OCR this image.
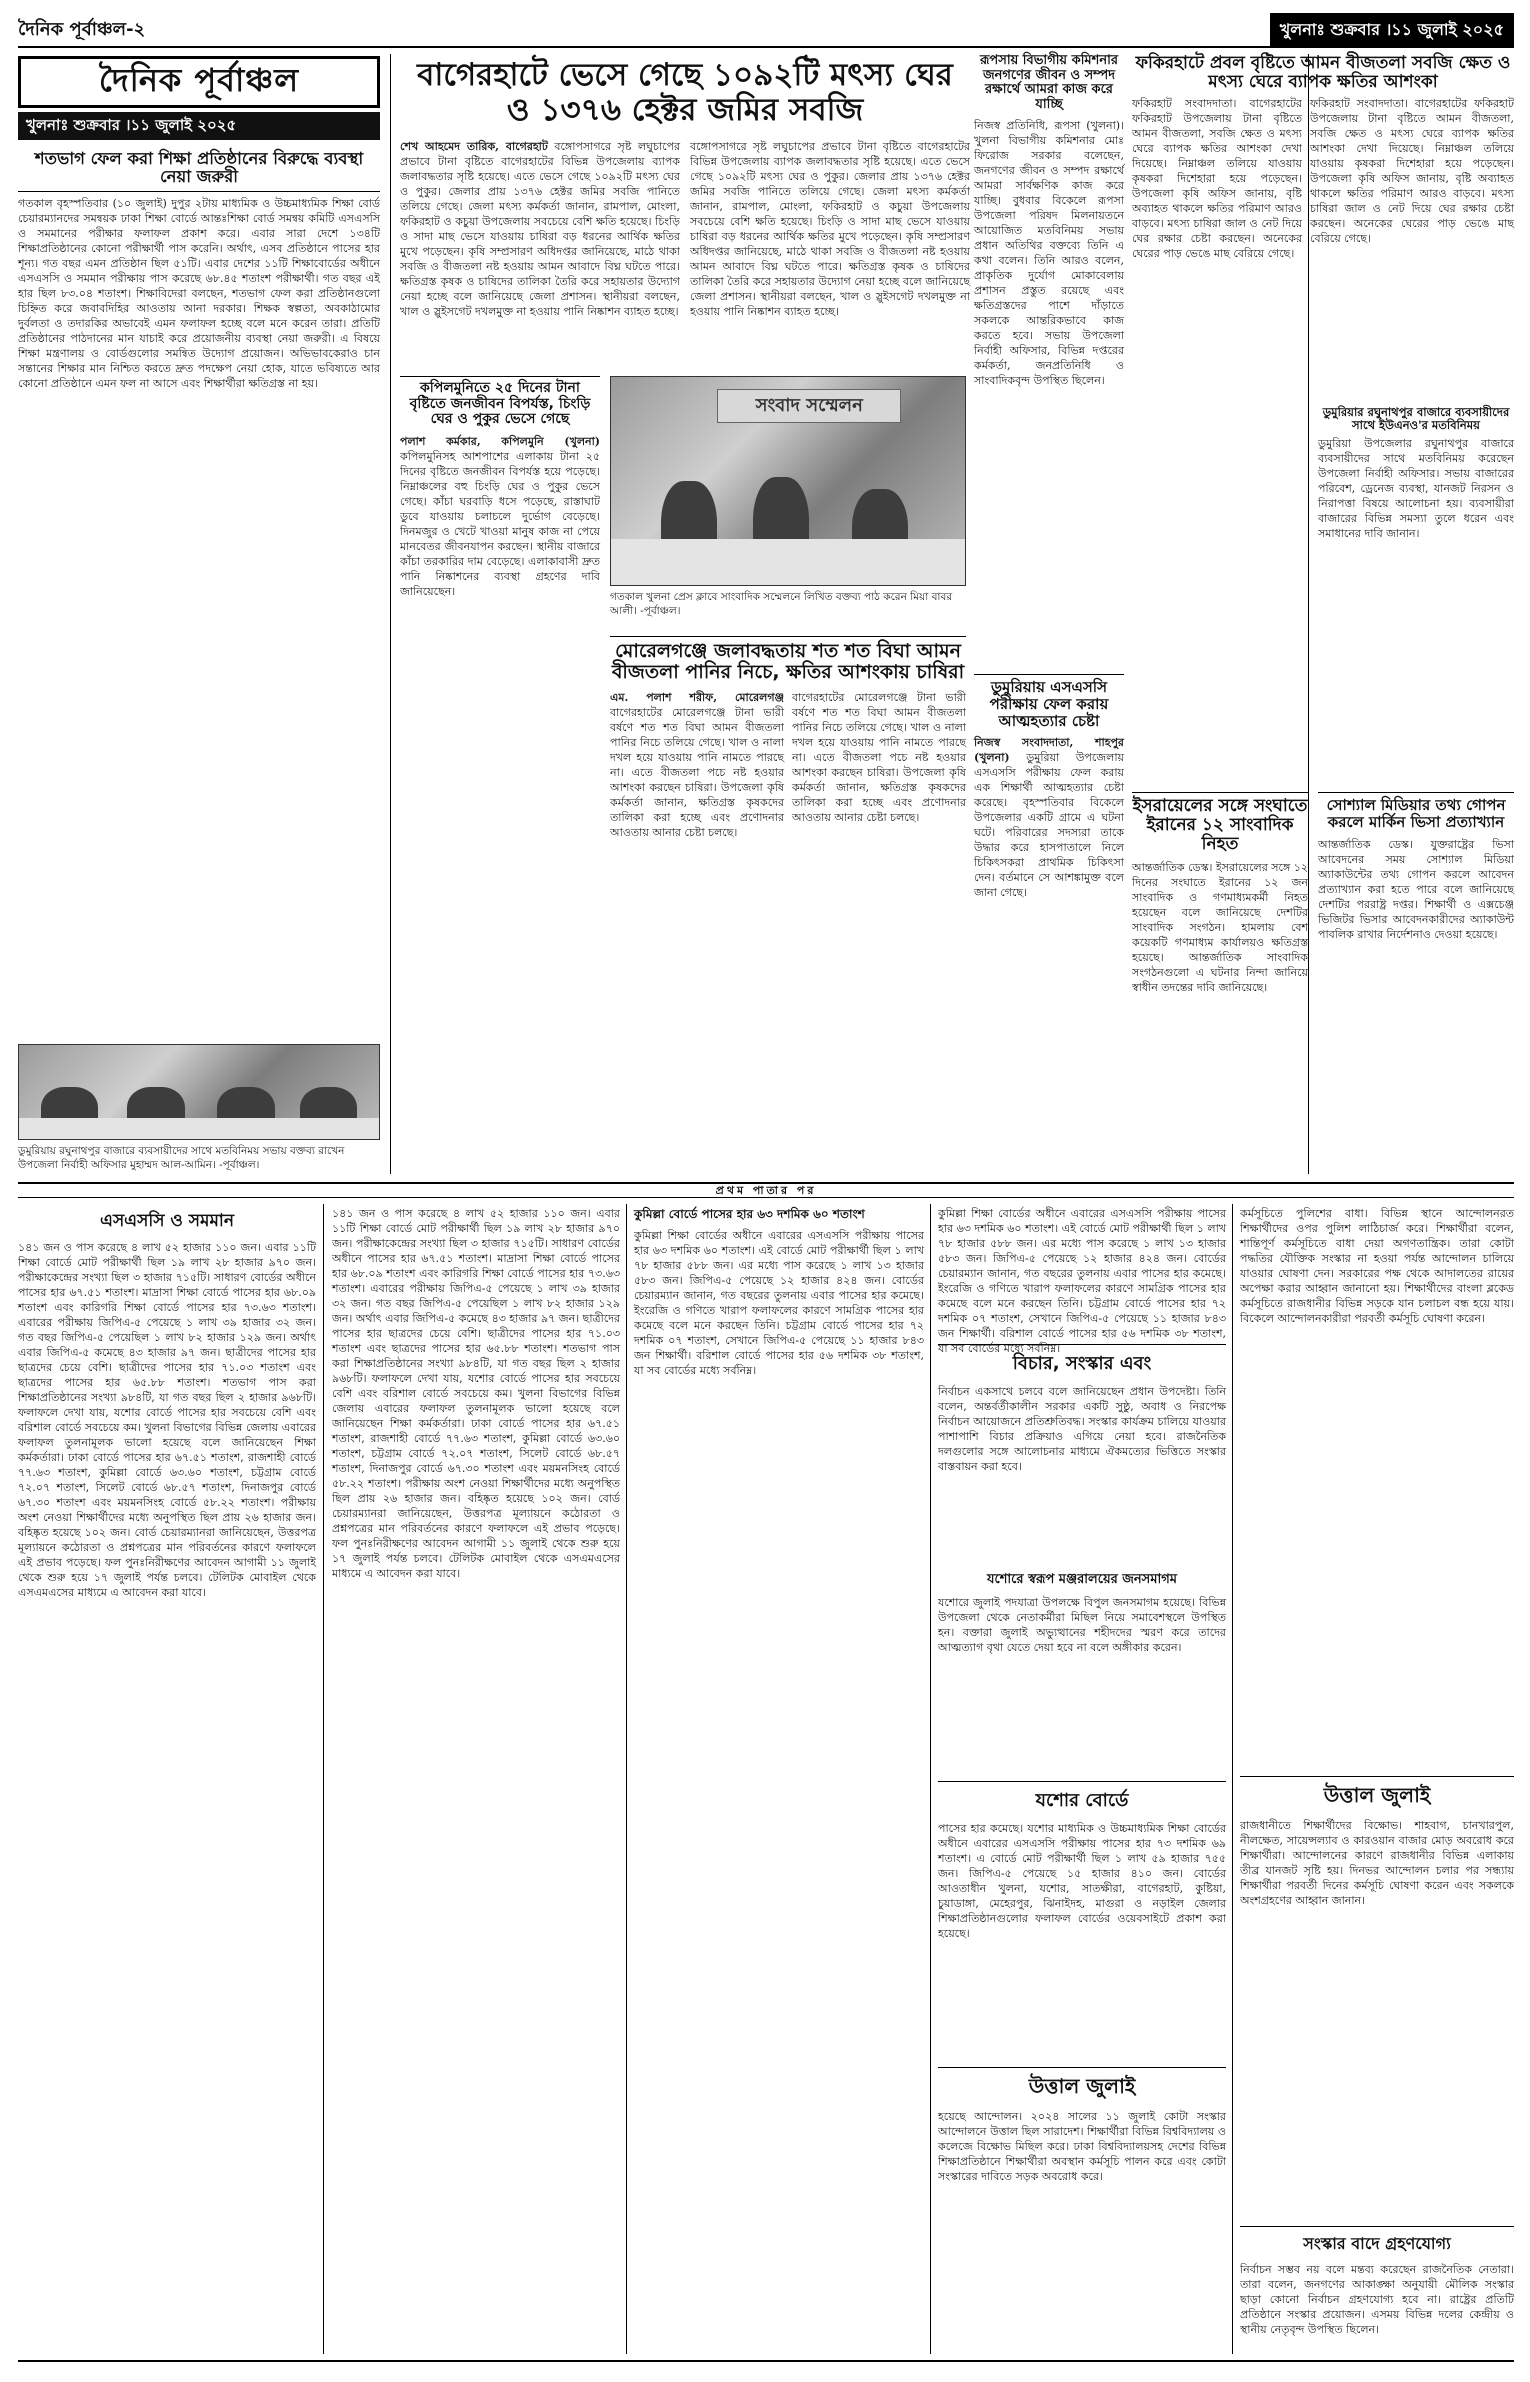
দৈনিক পূর্বাঞ্চল-২	খুলনাঃ শুক্রবার ।১১ জুলাই ২০২৫
দৈনিক পূর্বাঞ্চল
খুলনাঃ শুক্রবার ।১১ জুলাই ২০২৫
শতভাগ ফেল করা শিক্ষা প্রতিষ্ঠানের বিরুদ্ধে ব্যবস্থা নেয়া জরুরী
গতকাল বৃহস্পতিবার (১০ জুলাই) দুপুর ২টায় মাধ্যমিক ও উচ্চমাধ্যমিক শিক্ষা বোর্ড চেয়ারম্যানদের সমন্বয়ক ঢাকা শিক্ষা বোর্ডে আন্তঃশিক্ষা বোর্ড সমন্বয় কমিটি এসএসসি ও সমমানের পরীক্ষার ফলাফল প্রকাশ করে। এবার সারা দেশে ১৩৪টি শিক্ষাপ্রতিষ্ঠানের কোনো পরীক্ষার্থী পাস করেনি। অর্থাৎ, এসব প্রতিষ্ঠানে পাসের হার শূন্য। গত বছর এমন প্রতিষ্ঠান ছিল ৫১টি। এবার দেশের ১১টি শিক্ষাবোর্ডের অধীনে এসএসসি ও সমমান পরীক্ষায় পাস করেছে ৬৮.৪৫ শতাংশ পরীক্ষার্থী। গত বছর এই হার ছিল ৮৩.০৪ শতাংশ। শিক্ষাবিদেরা বলছেন, শতভাগ ফেল করা প্রতিষ্ঠানগুলো চিহ্নিত করে জবাবদিহির আওতায় আনা দরকার। শিক্ষক স্বল্পতা, অবকাঠামোর দুর্বলতা ও তদারকির অভাবেই এমন ফলাফল হচ্ছে বলে মনে করেন তারা। প্রতিটি প্রতিষ্ঠানের পাঠদানের মান যাচাই করে প্রয়োজনীয় ব্যবস্থা নেয়া জরুরী। এ বিষয়ে শিক্ষা মন্ত্রণালয় ও বোর্ডগুলোর সমন্বিত উদ্যোগ প্রয়োজন। অভিভাবকেরাও চান সন্তানের শিক্ষার মান নিশ্চিত করতে দ্রুত পদক্ষেপ নেয়া হোক, যাতে ভবিষ্যতে আর কোনো প্রতিষ্ঠানে এমন ফল না আসে এবং শিক্ষার্থীরা ক্ষতিগ্রস্ত না হয়।
ডুমুরিয়ায় রঘুনাথপুর বাজারে ব্যবসায়ীদের সাথে মতবিনিময় সভায় বক্তব্য রাখেন উপজেলা নির্বাহী অফিসার মুহাম্মদ আল-আমিন। -পূর্বাঞ্চল।
বাগেরহাটে ভেসে গেছে ১০৯২টি মৎস্য ঘের ও ১৩৭৬ হেক্টর জমির সবজি
শেখ আহমেদ তারিক, বাগেরহাট বঙ্গোপসাগরে সৃষ্ট লঘুচাপের প্রভাবে টানা বৃষ্টিতে বাগেরহাটের বিভিন্ন উপজেলায় ব্যাপক জলাবদ্ধতার সৃষ্টি হয়েছে। এতে ভেসে গেছে ১০৯২টি মৎস্য ঘের ও পুকুর। জেলার প্রায় ১৩৭৬ হেক্টর জমির সবজি পানিতে তলিয়ে গেছে। জেলা মৎস্য কর্মকর্তা জানান, রামপাল, মোংলা, ফকিরহাট ও কচুয়া উপজেলায় সবচেয়ে বেশি ক্ষতি হয়েছে। চিংড়ি ও সাদা মাছ ভেসে যাওয়ায় চাষিরা বড় ধরনের আর্থিক ক্ষতির মুখে পড়েছেন। কৃষি সম্প্রসারণ অধিদপ্তর জানিয়েছে, মাঠে থাকা সবজি ও বীজতলা নষ্ট হওয়ায় আমন আবাদে বিঘ্ন ঘটতে পারে। ক্ষতিগ্রস্ত কৃষক ও চাষিদের তালিকা তৈরি করে সহায়তার উদ্যোগ নেয়া হচ্ছে বলে জানিয়েছে জেলা প্রশাসন। স্থানীয়রা বলছেন, খাল ও স্লুইসগেট দখলমুক্ত না হওয়ায় পানি নিষ্কাশন ব্যাহত হচ্ছে।
বঙ্গোপসাগরে সৃষ্ট লঘুচাপের প্রভাবে টানা বৃষ্টিতে বাগেরহাটের বিভিন্ন উপজেলায় ব্যাপক জলাবদ্ধতার সৃষ্টি হয়েছে। এতে ভেসে গেছে ১০৯২টি মৎস্য ঘের ও পুকুর। জেলার প্রায় ১৩৭৬ হেক্টর জমির সবজি পানিতে তলিয়ে গেছে। জেলা মৎস্য কর্মকর্তা জানান, রামপাল, মোংলা, ফকিরহাট ও কচুয়া উপজেলায় সবচেয়ে বেশি ক্ষতি হয়েছে। চিংড়ি ও সাদা মাছ ভেসে যাওয়ায় চাষিরা বড় ধরনের আর্থিক ক্ষতির মুখে পড়েছেন। কৃষি সম্প্রসারণ অধিদপ্তর জানিয়েছে, মাঠে থাকা সবজি ও বীজতলা নষ্ট হওয়ায় আমন আবাদে বিঘ্ন ঘটতে পারে। ক্ষতিগ্রস্ত কৃষক ও চাষিদের তালিকা তৈরি করে সহায়তার উদ্যোগ নেয়া হচ্ছে বলে জানিয়েছে জেলা প্রশাসন। স্থানীয়রা বলছেন, খাল ও স্লুইসগেট দখলমুক্ত না হওয়ায় পানি নিষ্কাশন ব্যাহত হচ্ছে।
রূপসায় বিভাগীয় কমিশনার জনগণের জীবন ও সম্পদ রক্ষার্থে আমরা কাজ করে যাচ্ছি
নিজস্ব প্রতিনিধি, রূপসা (খুলনা)। খুলনা বিভাগীয় কমিশনার মোঃ ফিরোজ সরকার বলেছেন, জনগণের জীবন ও সম্পদ রক্ষার্থে আমরা সার্বক্ষণিক কাজ করে যাচ্ছি। বুধবার বিকেলে রূপসা উপজেলা পরিষদ মিলনায়তনে আয়োজিত মতবিনিময় সভায় প্রধান অতিথির বক্তব্যে তিনি এ কথা বলেন। তিনি আরও বলেন, প্রাকৃতিক দুর্যোগ মোকাবেলায় প্রশাসন প্রস্তুত রয়েছে এবং ক্ষতিগ্রস্তদের পাশে দাঁড়াতে সকলকে আন্তরিকভাবে কাজ করতে হবে। সভায় উপজেলা নির্বাহী অফিসার, বিভিন্ন দপ্তরের কর্মকর্তা, জনপ্রতিনিধি ও সাংবাদিকবৃন্দ উপস্থিত ছিলেন।
ফকিরহাটে প্রবল বৃষ্টিতে আমন বীজতলা সবজি ক্ষেত ও মৎস্য ঘেরে ব্যাপক ক্ষতির আশংকা
ফকিরহাট সংবাদদাতা। বাগেরহাটের ফকিরহাট উপজেলায় টানা বৃষ্টিতে আমন বীজতলা, সবজি ক্ষেত ও মৎস্য ঘেরে ব্যাপক ক্ষতির আশংকা দেখা দিয়েছে। নিম্নাঞ্চল তলিয়ে যাওয়ায় কৃষকরা দিশেহারা হয়ে পড়েছেন। উপজেলা কৃষি অফিস জানায়, বৃষ্টি অব্যাহত থাকলে ক্ষতির পরিমাণ আরও বাড়বে। মৎস্য চাষিরা জাল ও নেট দিয়ে ঘের রক্ষার চেষ্টা করছেন। অনেকের ঘেরের পাড় ভেঙে মাছ বেরিয়ে গেছে।
ফকিরহাট সংবাদদাতা। বাগেরহাটের ফকিরহাট উপজেলায় টানা বৃষ্টিতে আমন বীজতলা, সবজি ক্ষেত ও মৎস্য ঘেরে ব্যাপক ক্ষতির আশংকা দেখা দিয়েছে। নিম্নাঞ্চল তলিয়ে যাওয়ায় কৃষকরা দিশেহারা হয়ে পড়েছেন। উপজেলা কৃষি অফিস জানায়, বৃষ্টি অব্যাহত থাকলে ক্ষতির পরিমাণ আরও বাড়বে। মৎস্য চাষিরা জাল ও নেট দিয়ে ঘের রক্ষার চেষ্টা করছেন। অনেকের ঘেরের পাড় ভেঙে মাছ বেরিয়ে গেছে।
ডুমুরিয়ার রঘুনাথপুর বাজারে ব্যবসায়ীদের সাথে ইউএনও'র মতবিনিময়
ডুমুরিয়া উপজেলার রঘুনাথপুর বাজারে ব্যবসায়ীদের সাথে মতবিনিময় করেছেন উপজেলা নির্বাহী অফিসার। সভায় বাজারের পরিবেশ, ড্রেনেজ ব্যবস্থা, যানজট নিরসন ও নিরাপত্তা বিষয়ে আলোচনা হয়। ব্যবসায়ীরা বাজারের বিভিন্ন সমস্যা তুলে ধরেন এবং সমাধানের দাবি জানান।
কপিলমুনিতে ২৫ দিনের টানা বৃষ্টিতে জনজীবন বিপর্যস্ত, চিংড়ি ঘের ও পুকুর ভেসে গেছে
পলাশ কর্মকার, কপিলমুনি (খুলনা) কপিলমুনিসহ আশপাশের এলাকায় টানা ২৫ দিনের বৃষ্টিতে জনজীবন বিপর্যস্ত হয়ে পড়েছে। নিম্নাঞ্চলের বহু চিংড়ি ঘের ও পুকুর ভেসে গেছে। কাঁচা ঘরবাড়ি ধসে পড়েছে, রাস্তাঘাট ডুবে যাওয়ায় চলাচলে দুর্ভোগ বেড়েছে। দিনমজুর ও খেটে খাওয়া মানুষ কাজ না পেয়ে মানবেতর জীবনযাপন করছেন। স্থানীয় বাজারে কাঁচা তরকারির দাম বেড়েছে। এলাকাবাসী দ্রুত পানি নিষ্কাশনের ব্যবস্থা গ্রহণের দাবি জানিয়েছেন।
সংবাদ সম্মেলন
গতকাল খুলনা প্রেস ক্লাবে সাংবাদিক সম্মেলনে লিখিত বক্তব্য পাঠ করেন মিয়া বাবর আলী। -পূর্বাঞ্চল।
মোরেলগঞ্জে জলাবদ্ধতায় শত শত বিঘা আমন বীজতলা পানির নিচে, ক্ষতির আশংকায় চাষিরা
এম. পলাশ শরীফ, মোরেলগঞ্জ বাগেরহাটের মোরেলগঞ্জে টানা ভারী বর্ষণে শত শত বিঘা আমন বীজতলা পানির নিচে তলিয়ে গেছে। খাল ও নালা দখল হয়ে যাওয়ায় পানি নামতে পারছে না। এতে বীজতলা পচে নষ্ট হওয়ার আশংকা করছেন চাষিরা। উপজেলা কৃষি কর্মকর্তা জানান, ক্ষতিগ্রস্ত কৃষকদের তালিকা করা হচ্ছে এবং প্রণোদনার আওতায় আনার চেষ্টা চলছে।
বাগেরহাটের মোরেলগঞ্জে টানা ভারী বর্ষণে শত শত বিঘা আমন বীজতলা পানির নিচে তলিয়ে গেছে। খাল ও নালা দখল হয়ে যাওয়ায় পানি নামতে পারছে না। এতে বীজতলা পচে নষ্ট হওয়ার আশংকা করছেন চাষিরা। উপজেলা কৃষি কর্মকর্তা জানান, ক্ষতিগ্রস্ত কৃষকদের তালিকা করা হচ্ছে এবং প্রণোদনার আওতায় আনার চেষ্টা চলছে।
ডুমুরিয়ায় এসএসসি পরীক্ষায় ফেল করায় আত্মহত্যার চেষ্টা
নিজস্ব সংবাদদাতা, শাহপুর (খুলনা) ডুমুরিয়া উপজেলায় এসএসসি পরীক্ষায় ফেল করায় এক শিক্ষার্থী আত্মহত্যার চেষ্টা করেছে। বৃহস্পতিবার বিকেলে উপজেলার একটি গ্রামে এ ঘটনা ঘটে। পরিবারের সদস্যরা তাকে উদ্ধার করে হাসপাতালে নিলে চিকিৎসকরা প্রাথমিক চিকিৎসা দেন। বর্তমানে সে আশঙ্কামুক্ত বলে জানা গেছে।
ইসরায়েলের সঙ্গে সংঘাতে ইরানের ১২ সাংবাদিক নিহত
আন্তর্জাতিক ডেস্ক। ইসরায়েলের সঙ্গে ১২ দিনের সংঘাতে ইরানের ১২ জন সাংবাদিক ও গণমাধ্যমকর্মী নিহত হয়েছেন বলে জানিয়েছে দেশটির সাংবাদিক সংগঠন। হামলায় বেশ কয়েকটি গণমাধ্যম কার্যালয়ও ক্ষতিগ্রস্ত হয়েছে। আন্তর্জাতিক সাংবাদিক সংগঠনগুলো এ ঘটনার নিন্দা জানিয়ে স্বাধীন তদন্তের দাবি জানিয়েছে।
সোশ্যাল মিডিয়ার তথ্য গোপন করলে মার্কিন ভিসা প্রত্যাখ্যান
আন্তর্জাতিক ডেস্ক। যুক্তরাষ্ট্রের ভিসা আবেদনের সময় সোশ্যাল মিডিয়া অ্যাকাউন্টের তথ্য গোপন করলে আবেদন প্রত্যাখ্যান করা হতে পারে বলে জানিয়েছে দেশটির পররাষ্ট্র দপ্তর। শিক্ষার্থী ও এক্সচেঞ্জ ভিজিটর ভিসার আবেদনকারীদের অ্যাকাউন্ট পাবলিক রাখার নির্দেশনাও দেওয়া হয়েছে।
প্রথম পাতার পর
এসএসসি ও সমমান
১৪১ জন ও পাস করেছে ৪ লাখ ৫২ হাজার ১১০ জন। এবার ১১টি শিক্ষা বোর্ডে মোট পরীক্ষার্থী ছিল ১৯ লাখ ২৮ হাজার ৯৭০ জন। পরীক্ষাকেন্দ্রের সংখ্যা ছিল ৩ হাজার ৭১৫টি। সাধারণ বোর্ডের অধীনে পাসের হার ৬৭.৫১ শতাংশ। মাদ্রাসা শিক্ষা বোর্ডে পাসের হার ৬৮.০৯ শতাংশ এবং কারিগরি শিক্ষা বোর্ডে পাসের হার ৭৩.৬৩ শতাংশ। এবারের পরীক্ষায় জিপিএ-৫ পেয়েছে ১ লাখ ৩৯ হাজার ৩২ জন। গত বছর জিপিএ-৫ পেয়েছিল ১ লাখ ৮২ হাজার ১২৯ জন। অর্থাৎ এবার জিপিএ-৫ কমেছে ৪৩ হাজার ৯৭ জন। ছাত্রীদের পাসের হার ছাত্রদের চেয়ে বেশি। ছাত্রীদের পাসের হার ৭১.০৩ শতাংশ এবং ছাত্রদের পাসের হার ৬৫.৮৮ শতাংশ। শতভাগ পাস করা শিক্ষাপ্রতিষ্ঠানের সংখ্যা ৯৮৪টি, যা গত বছর ছিল ২ হাজার ৯৬৮টি। ফলাফলে দেখা যায়, যশোর বোর্ডে পাসের হার সবচেয়ে বেশি এবং বরিশাল বোর্ডে সবচেয়ে কম। খুলনা বিভাগের বিভিন্ন জেলায় এবারের ফলাফল তুলনামূলক ভালো হয়েছে বলে জানিয়েছেন শিক্ষা কর্মকর্তারা। ঢাকা বোর্ডে পাসের হার ৬৭.৫১ শতাংশ, রাজশাহী বোর্ডে ৭৭.৬৩ শতাংশ, কুমিল্লা বোর্ডে ৬৩.৬০ শতাংশ, চট্টগ্রাম বোর্ডে ৭২.০৭ শতাংশ, সিলেট বোর্ডে ৬৮.৫৭ শতাংশ, দিনাজপুর বোর্ডে ৬৭.৩০ শতাংশ এবং ময়মনসিংহ বোর্ডে ৫৮.২২ শতাংশ। পরীক্ষায় অংশ নেওয়া শিক্ষার্থীদের মধ্যে অনুপস্থিত ছিল প্রায় ২৬ হাজার জন। বহিষ্কৃত হয়েছে ১০২ জন। বোর্ড চেয়ারম্যানরা জানিয়েছেন, উত্তরপত্র মূল্যায়নে কঠোরতা ও প্রশ্নপত্রের মান পরিবর্তনের কারণে ফলাফলে এই প্রভাব পড়েছে। ফল পুনঃনিরীক্ষণের আবেদন আগামী ১১ জুলাই থেকে শুরু হয়ে ১৭ জুলাই পর্যন্ত চলবে। টেলিটক মোবাইল থেকে এসএমএসের মাধ্যমে এ আবেদন করা যাবে।
১৪১ জন ও পাস করেছে ৪ লাখ ৫২ হাজার ১১০ জন। এবার ১১টি শিক্ষা বোর্ডে মোট পরীক্ষার্থী ছিল ১৯ লাখ ২৮ হাজার ৯৭০ জন। পরীক্ষাকেন্দ্রের সংখ্যা ছিল ৩ হাজার ৭১৫টি। সাধারণ বোর্ডের অধীনে পাসের হার ৬৭.৫১ শতাংশ। মাদ্রাসা শিক্ষা বোর্ডে পাসের হার ৬৮.০৯ শতাংশ এবং কারিগরি শিক্ষা বোর্ডে পাসের হার ৭৩.৬৩ শতাংশ। এবারের পরীক্ষায় জিপিএ-৫ পেয়েছে ১ লাখ ৩৯ হাজার ৩২ জন। গত বছর জিপিএ-৫ পেয়েছিল ১ লাখ ৮২ হাজার ১২৯ জন। অর্থাৎ এবার জিপিএ-৫ কমেছে ৪৩ হাজার ৯৭ জন। ছাত্রীদের পাসের হার ছাত্রদের চেয়ে বেশি। ছাত্রীদের পাসের হার ৭১.০৩ শতাংশ এবং ছাত্রদের পাসের হার ৬৫.৮৮ শতাংশ। শতভাগ পাস করা শিক্ষাপ্রতিষ্ঠানের সংখ্যা ৯৮৪টি, যা গত বছর ছিল ২ হাজার ৯৬৮টি। ফলাফলে দেখা যায়, যশোর বোর্ডে পাসের হার সবচেয়ে বেশি এবং বরিশাল বোর্ডে সবচেয়ে কম। খুলনা বিভাগের বিভিন্ন জেলায় এবারের ফলাফল তুলনামূলক ভালো হয়েছে বলে জানিয়েছেন শিক্ষা কর্মকর্তারা। ঢাকা বোর্ডে পাসের হার ৬৭.৫১ শতাংশ, রাজশাহী বোর্ডে ৭৭.৬৩ শতাংশ, কুমিল্লা বোর্ডে ৬৩.৬০ শতাংশ, চট্টগ্রাম বোর্ডে ৭২.০৭ শতাংশ, সিলেট বোর্ডে ৬৮.৫৭ শতাংশ, দিনাজপুর বোর্ডে ৬৭.৩০ শতাংশ এবং ময়মনসিংহ বোর্ডে ৫৮.২২ শতাংশ। পরীক্ষায় অংশ নেওয়া শিক্ষার্থীদের মধ্যে অনুপস্থিত ছিল প্রায় ২৬ হাজার জন। বহিষ্কৃত হয়েছে ১০২ জন। বোর্ড চেয়ারম্যানরা জানিয়েছেন, উত্তরপত্র মূল্যায়নে কঠোরতা ও প্রশ্নপত্রের মান পরিবর্তনের কারণে ফলাফলে এই প্রভাব পড়েছে। ফল পুনঃনিরীক্ষণের আবেদন আগামী ১১ জুলাই থেকে শুরু হয়ে ১৭ জুলাই পর্যন্ত চলবে। টেলিটক মোবাইল থেকে এসএমএসের মাধ্যমে এ আবেদন করা যাবে।
কুমিল্লা বোর্ডে পাসের হার ৬৩ দশমিক ৬০ শতাংশ
কুমিল্লা শিক্ষা বোর্ডের অধীনে এবারের এসএসসি পরীক্ষায় পাসের হার ৬৩ দশমিক ৬০ শতাংশ। এই বোর্ডে মোট পরীক্ষার্থী ছিল ১ লাখ ৭৮ হাজার ৫৮৮ জন। এর মধ্যে পাস করেছে ১ লাখ ১৩ হাজার ৫৮৩ জন। জিপিএ-৫ পেয়েছে ১২ হাজার ৪২৪ জন। বোর্ডের চেয়ারম্যান জানান, গত বছরের তুলনায় এবার পাসের হার কমেছে। ইংরেজি ও গণিতে খারাপ ফলাফলের কারণে সামগ্রিক পাসের হার কমেছে বলে মনে করছেন তিনি। চট্টগ্রাম বোর্ডে পাসের হার ৭২ দশমিক ০৭ শতাংশ, সেখানে জিপিএ-৫ পেয়েছে ১১ হাজার ৮৪৩ জন শিক্ষার্থী। বরিশাল বোর্ডে পাসের হার ৫৬ দশমিক ৩৮ শতাংশ, যা সব বোর্ডের মধ্যে সর্বনিম্ন।
কুমিল্লা শিক্ষা বোর্ডের অধীনে এবারের এসএসসি পরীক্ষায় পাসের হার ৬৩ দশমিক ৬০ শতাংশ। এই বোর্ডে মোট পরীক্ষার্থী ছিল ১ লাখ ৭৮ হাজার ৫৮৮ জন। এর মধ্যে পাস করেছে ১ লাখ ১৩ হাজার ৫৮৩ জন। জিপিএ-৫ পেয়েছে ১২ হাজার ৪২৪ জন। বোর্ডের চেয়ারম্যান জানান, গত বছরের তুলনায় এবার পাসের হার কমেছে। ইংরেজি ও গণিতে খারাপ ফলাফলের কারণে সামগ্রিক পাসের হার কমেছে বলে মনে করছেন তিনি। চট্টগ্রাম বোর্ডে পাসের হার ৭২ দশমিক ০৭ শতাংশ, সেখানে জিপিএ-৫ পেয়েছে ১১ হাজার ৮৪৩ জন শিক্ষার্থী। বরিশাল বোর্ডে পাসের হার ৫৬ দশমিক ৩৮ শতাংশ, যা সব বোর্ডের মধ্যে সর্বনিম্ন।
বিচার, সংস্কার এবং
নির্বাচন একসাথে চলবে বলে জানিয়েছেন প্রধান উপদেষ্টা। তিনি বলেন, অন্তর্বর্তীকালীন সরকার একটি সুষ্ঠু, অবাধ ও নিরপেক্ষ নির্বাচন আয়োজনে প্রতিশ্রুতিবদ্ধ। সংস্কার কার্যক্রম চালিয়ে যাওয়ার পাশাপাশি বিচার প্রক্রিয়াও এগিয়ে নেয়া হবে। রাজনৈতিক দলগুলোর সঙ্গে আলোচনার মাধ্যমে ঐকমত্যের ভিত্তিতে সংস্কার বাস্তবায়ন করা হবে।
যশোরে স্বরূপ মঞ্জরালয়ের জনসমাগম
যশোরে জুলাই পদযাত্রা উপলক্ষে বিপুল জনসমাগম হয়েছে। বিভিন্ন উপজেলা থেকে নেতাকর্মীরা মিছিল নিয়ে সমাবেশস্থলে উপস্থিত হন। বক্তারা জুলাই অভ্যুত্থানের শহীদদের স্মরণ করে তাদের আত্মত্যাগ বৃথা যেতে দেয়া হবে না বলে অঙ্গীকার করেন।
যশোর বোর্ডে
পাসের হার কমেছে। যশোর মাধ্যমিক ও উচ্চমাধ্যমিক শিক্ষা বোর্ডের অধীনে এবারের এসএসসি পরীক্ষায় পাসের হার ৭৩ দশমিক ৬৯ শতাংশ। এ বোর্ডে মোট পরীক্ষার্থী ছিল ১ লাখ ৫৯ হাজার ৭৫৫ জন। জিপিএ-৫ পেয়েছে ১৫ হাজার ৪১০ জন। বোর্ডের আওতাধীন খুলনা, যশোর, সাতক্ষীরা, বাগেরহাট, কুষ্টিয়া, চুয়াডাঙ্গা, মেহেরপুর, ঝিনাইদহ, মাগুরা ও নড়াইল জেলার শিক্ষাপ্রতিষ্ঠানগুলোর ফলাফল বোর্ডের ওয়েবসাইটে প্রকাশ করা হয়েছে।
উত্তাল জুলাই
হয়েছে আন্দোলন। ২০২৪ সালের ১১ জুলাই কোটা সংস্কার আন্দোলনে উত্তাল ছিল সারাদেশ। শিক্ষার্থীরা বিভিন্ন বিশ্ববিদ্যালয় ও কলেজে বিক্ষোভ মিছিল করে। ঢাকা বিশ্ববিদ্যালয়সহ দেশের বিভিন্ন শিক্ষাপ্রতিষ্ঠানে শিক্ষার্থীরা অবস্থান কর্মসূচি পালন করে এবং কোটা সংস্কারের দাবিতে সড়ক অবরোধ করে।
কর্মসূচিতে পুলিশের বাধা। বিভিন্ন স্থানে আন্দোলনরত শিক্ষার্থীদের ওপর পুলিশ লাঠিচার্জ করে। শিক্ষার্থীরা বলেন, শান্তিপূর্ণ কর্মসূচিতে বাধা দেয়া অগণতান্ত্রিক। তারা কোটা পদ্ধতির যৌক্তিক সংস্কার না হওয়া পর্যন্ত আন্দোলন চালিয়ে যাওয়ার ঘোষণা দেন। সরকারের পক্ষ থেকে আদালতের রায়ের অপেক্ষা করার আহ্বান জানানো হয়। শিক্ষার্থীদের বাংলা ব্লকেড কর্মসূচিতে রাজধানীর বিভিন্ন সড়কে যান চলাচল বন্ধ হয়ে যায়। বিকেলে আন্দোলনকারীরা পরবর্তী কর্মসূচি ঘোষণা করেন।
উত্তাল জুলাই
রাজধানীতে শিক্ষার্থীদের বিক্ষোভ। শাহবাগ, চানখারপুল, নীলক্ষেত, সায়েন্সল্যাব ও কারওয়ান বাজার মোড় অবরোধ করে শিক্ষার্থীরা। আন্দোলনের কারণে রাজধানীর বিভিন্ন এলাকায় তীব্র যানজট সৃষ্টি হয়। দিনভর আন্দোলন চলার পর সন্ধ্যায় শিক্ষার্থীরা পরবর্তী দিনের কর্মসূচি ঘোষণা করেন এবং সকলকে অংশগ্রহণের আহ্বান জানান।
সংস্কার বাদে গ্রহণযোগ্য
নির্বাচন সম্ভব নয় বলে মন্তব্য করেছেন রাজনৈতিক নেতারা। তারা বলেন, জনগণের আকাঙ্ক্ষা অনুযায়ী মৌলিক সংস্কার ছাড়া কোনো নির্বাচন গ্রহণযোগ্য হবে না। রাষ্ট্রের প্রতিটি প্রতিষ্ঠানে সংস্কার প্রয়োজন। এসময় বিভিন্ন দলের কেন্দ্রীয় ও স্থানীয় নেতৃবৃন্দ উপস্থিত ছিলেন।
